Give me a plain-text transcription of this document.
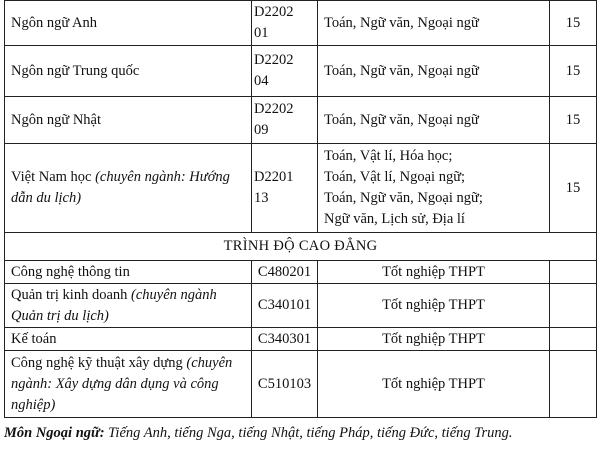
Ngôn ngữ Anh	D220201	Toán, Ngữ văn, Ngoại ngữ	15
Ngôn ngữ Trung quốc	D220204	Toán, Ngữ văn, Ngoại ngữ	15
Ngôn ngữ Nhật	D220209	Toán, Ngữ văn, Ngoại ngữ	15
Việt Nam học (chuyên ngành: Hướng dẫn du lịch)	D220113	Toán, Vật lí, Hóa học;
Toán, Vật lí, Ngoại ngữ;
Toán, Ngữ văn, Ngoại ngữ;
Ngữ văn, Lịch sử, Địa lí	15
TRÌNH ĐỘ CAO ĐẲNG			
Công nghệ thông tin	C480201	Tốt nghiệp THPT	
Quản trị kinh doanh (chuyên ngành Quản trị du lịch)	C340101	Tốt nghiệp THPT	
Kế toán	C340301	Tốt nghiệp THPT	
Công nghệ kỹ thuật xây dựng (chuyên ngành: Xây dựng dân dụng và công nghiệp)	C510103	Tốt nghiệp THPT	
Môn Ngoại ngữ: Tiếng Anh, tiếng Nga, tiếng Nhật, tiếng Pháp, tiếng Đức, tiếng Trung.
